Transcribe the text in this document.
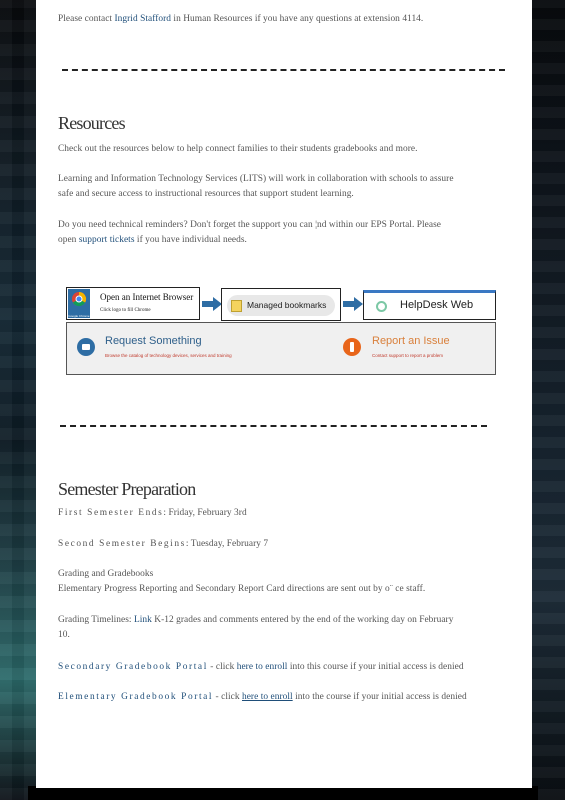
Please contact Ingrid Stafford in Human Resources if you have any questions at extension 4114.
Resources
Check out the resources below to help connect families to their students gradebooks and more.
Learning and Information Technology Services (LITS) will work in collaboration with schools to assure
safe and secure access to instructional resources that support student learning.
Do you need technical reminders? Don't forget the support you can ¦nd within our EPS Portal. Please
open support tickets if you have individual needs.
Google Chrome
Open an Internet Browser
Click logo to fill Chrome
Managed bookmarks	HelpDesk Web
Request Something
Browse the catalog of technology devices, services and training
Report an Issue
Contact support to report a problem
Semester Preparation
First Semester Ends: Friday, February 3rd
Second Semester Begins: Tuesday, February 7
Grading and Gradebooks
Elementary Progress Reporting and Secondary Report Card directions are sent out by o¨ ce staff.
Grading Timelines: Link K-12 grades and comments entered by the end of the working day on February
10.
Secondary Gradebook Portal - click here to enroll into this course if your initial access is denied
Elementary Gradebook Portal - click here to enroll into the course if your initial access is denied
